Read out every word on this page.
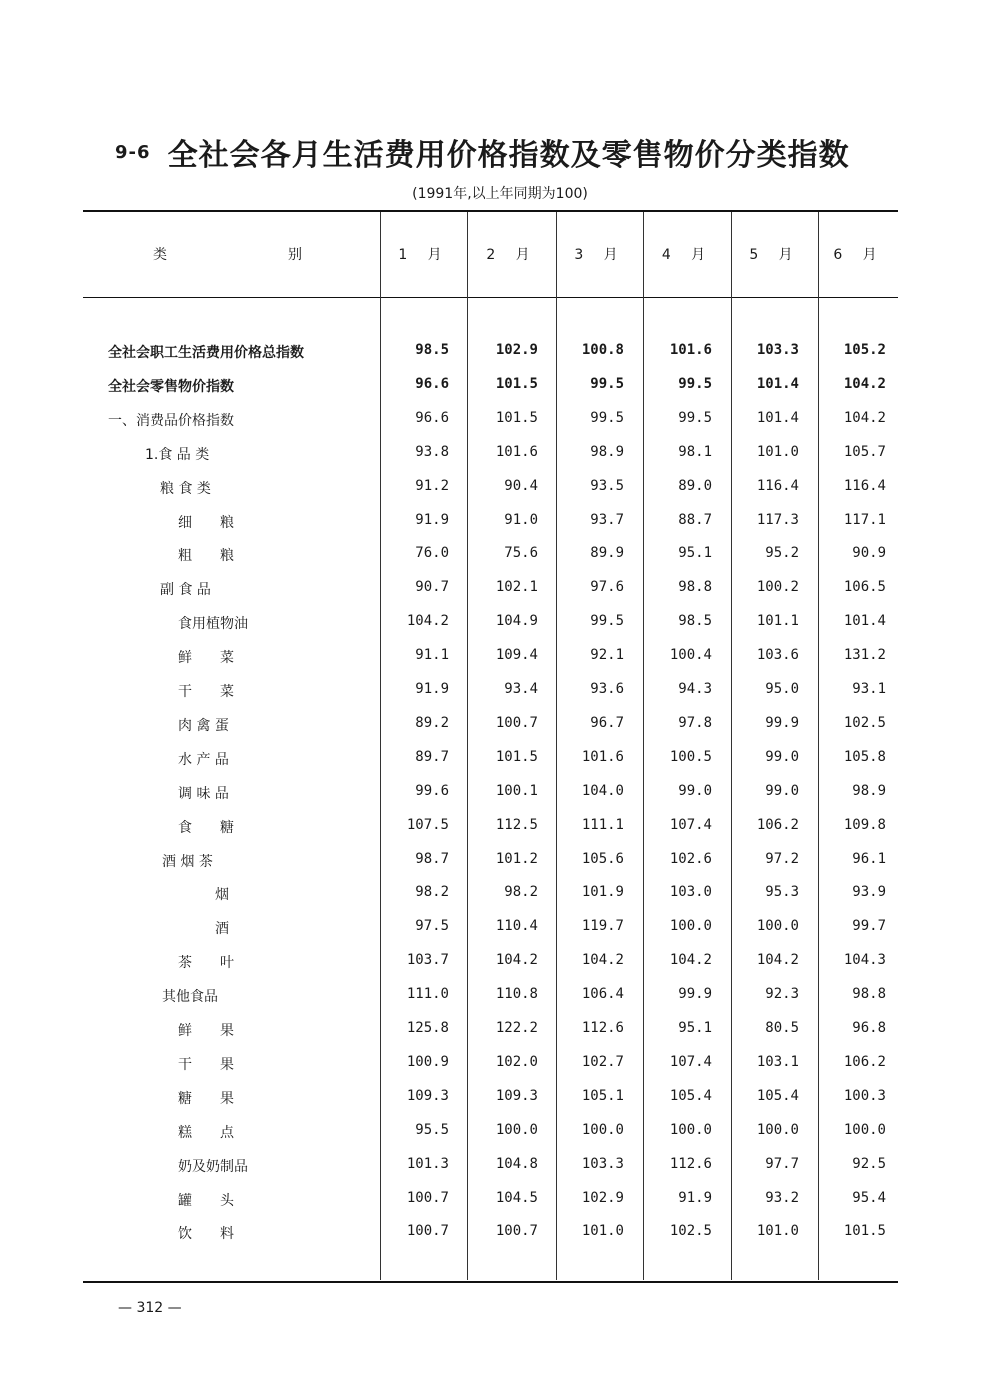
9-6 全社会各月生活费用价格指数及零售物价分类指数
(1991年,以上年同期为100)
类	别	1 月	2 月	3 月	4 月	5 月	6 月
全社会职工生活费用价格总指数	98.5	102.9	100.8	101.6	103.3	105.2
全社会零售物价指数	96.6	101.5	99.5	99.5	101.4	104.2
一、消费品价格指数	96.6	101.5	99.5	99.5	101.4	104.2
1.食 品 类	93.8	101.6	98.9	98.1	101.0	105.7
粮 食 类	91.2	90.4	93.5	89.0	116.4	116.4
细　　粮	91.9	91.0	93.7	88.7	117.3	117.1
粗　　粮	76.0	75.6	89.9	95.1	95.2	90.9
副 食 品	90.7	102.1	97.6	98.8	100.2	106.5
食用植物油	104.2	104.9	99.5	98.5	101.1	101.4
鲜　　菜	91.1	109.4	92.1	100.4	103.6	131.2
干　　菜	91.9	93.4	93.6	94.3	95.0	93.1
肉 禽 蛋	89.2	100.7	96.7	97.8	99.9	102.5
水 产 品	89.7	101.5	101.6	100.5	99.0	105.8
调 味 品	99.6	100.1	104.0	99.0	99.0	98.9
食　　糖	107.5	112.5	111.1	107.4	106.2	109.8
酒 烟 茶	98.7	101.2	105.6	102.6	97.2	96.1
烟	98.2	98.2	101.9	103.0	95.3	93.9
酒	97.5	110.4	119.7	100.0	100.0	99.7
茶　　叶	103.7	104.2	104.2	104.2	104.2	104.3
其他食品	111.0	110.8	106.4	99.9	92.3	98.8
鲜　　果	125.8	122.2	112.6	95.1	80.5	96.8
干　　果	100.9	102.0	102.7	107.4	103.1	106.2
糖　　果	109.3	109.3	105.1	105.4	105.4	100.3
糕　　点	95.5	100.0	100.0	100.0	100.0	100.0
奶及奶制品	101.3	104.8	103.3	112.6	97.7	92.5
罐　　头	100.7	104.5	102.9	91.9	93.2	95.4
饮　　料	100.7	100.7	101.0	102.5	101.0	101.5
— 312 —
